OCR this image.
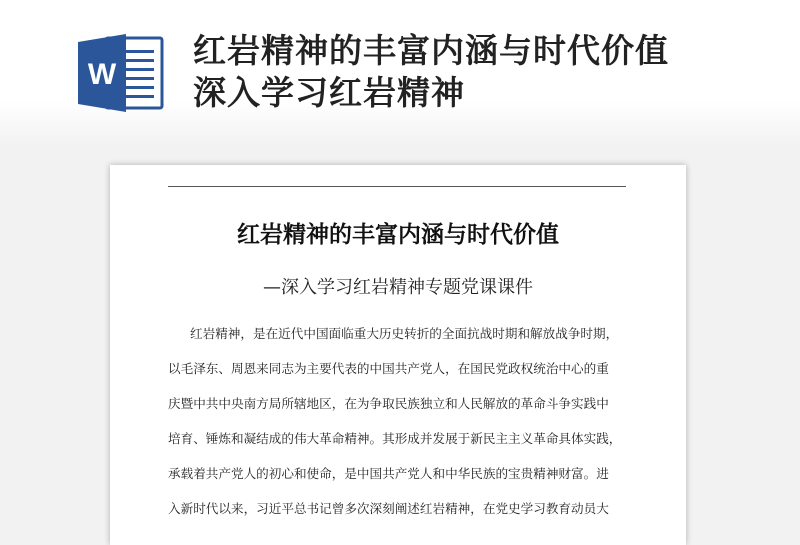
W
红岩精神的丰富内涵与时代价值
深入学习红岩精神
红岩精神的丰富内涵与时代价值

—深入学习红岩精神专题党课课件

红岩精神，是在近代中国面临重大历史转折的全面抗战时期和解放战争时期，
以毛泽东、周恩来同志为主要代表的中国共产党人，在国民党政权统治中心的重
庆暨中共中央南方局所辖地区，在为争取民族独立和人民解放的革命斗争实践中
培育、锤炼和凝结成的伟大革命精神。其形成并发展于新民主主义革命具体实践，
承载着共产党人的初心和使命，是中国共产党人和中华民族的宝贵精神财富。进
入新时代以来，习近平总书记曾多次深刻阐述红岩精神，在党史学习教育动员大
